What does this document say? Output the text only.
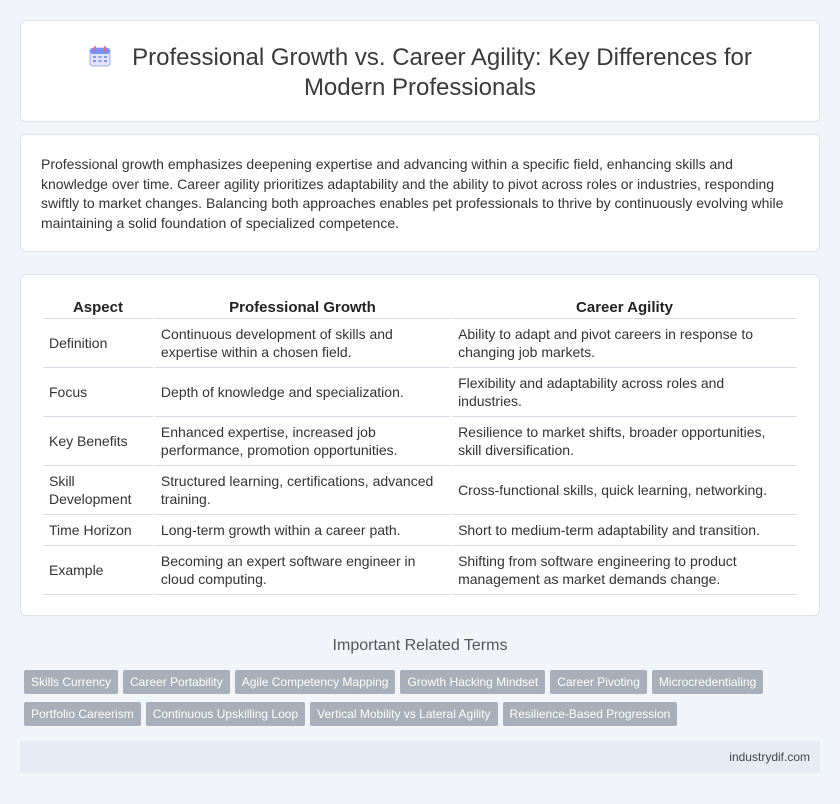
Professional Growth vs. Career Agility: Key Differences for Modern Professionals

Professional growth emphasizes deepening expertise and advancing within a specific field, enhancing skills and knowledge over time. Career agility prioritizes adaptability and the ability to pivot across roles or industries, responding swiftly to market changes. Balancing both approaches enables pet professionals to thrive by continuously evolving while maintaining a solid foundation of specialized competence.

Aspect	Professional Growth	Career Agility
Definition	Continuous development of skills and expertise within a chosen field.	Ability to adapt and pivot careers in response to changing job markets.
Focus	Depth of knowledge and specialization.	Flexibility and adaptability across roles and industries.
Key Benefits	Enhanced expertise, increased job performance, promotion opportunities.	Resilience to market shifts, broader opportunities, skill diversification.
Skill Development	Structured learning, certifications, advanced training.	Cross-functional skills, quick learning, networking.
Time Horizon	Long-term growth within a career path.	Short to medium-term adaptability and transition.
Example	Becoming an expert software engineer in cloud computing.	Shifting from software engineering to product management as market demands change.
Important Related Terms
Skills Currency Career Portability Agile Competency Mapping Growth Hacking Mindset Career Pivoting Microcredentialing
Portfolio Careerism Continuous Upskilling Loop Vertical Mobility vs Lateral Agility Resilience-Based Progression
industrydif.com
